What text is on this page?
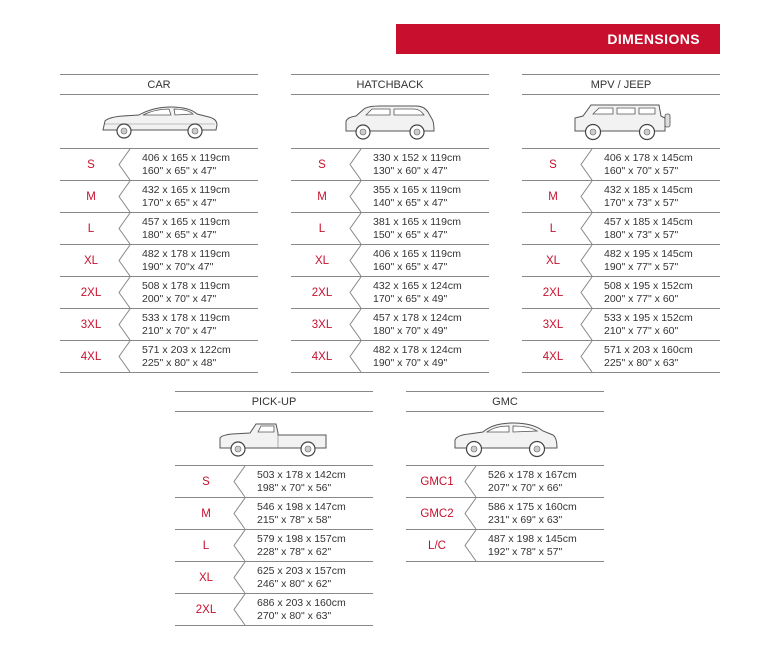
DIMENSIONS
CAR
S
406 x 165 x 119cm
160" x 65" x 47"
M
432 x 165 x 119cm
170" x 65" x 47"
L
457 x 165 x 119cm
180" x 65" x 47"
XL
482 x 178 x 119cm
190" x 70"x 47"
2XL
508 x 178 x 119cm
200" x 70" x 47"
3XL
533 x 178 x 119cm
210" x 70" x 47"
4XL
571 x 203 x 122cm
225" x 80" x 48"
HATCHBACK
S
330 x 152 x 119cm
130" x 60" x 47"
M
355 x 165 x 119cm
140" x 65" x 47"
L
381 x 165 x 119cm
150" x 65" x 47"
XL
406 x 165 x 119cm
160" x 65" x 47"
2XL
432 x 165 x 124cm
170" x 65" x 49"
3XL
457 x 178 x 124cm
180" x 70" x 49"
4XL
482 x 178 x 124cm
190" x 70" x 49"
MPV / JEEP
S
406 x 178 x 145cm
160" x 70" x 57"
M
432 x 185 x 145cm
170" x 73" x 57"
L
457 x 185 x 145cm
180" x 73" x 57"
XL
482 x 195 x 145cm
190" x 77" x 57"
2XL
508 x 195 x 152cm
200" x 77" x 60"
3XL
533 x 195 x 152cm
210" x 77" x 60"
4XL
571 x 203 x 160cm
225" x 80" x 63"
PICK-UP
S
503 x 178 x 142cm
198" x 70" x 56"
M
546 x 198 x 147cm
215" x 78" x 58"
L
579 x 198 x 157cm
228" x 78" x 62"
XL
625 x 203 x 157cm
246" x 80" x 62"
2XL
686 x 203 x 160cm
270" x 80" x 63"
GMC
GMC1
526 x 178 x 167cm
207" x 70" x 66"
GMC2
586 x 175 x 160cm
231" x 69" x 63"
L/C
487 x 198 x 145cm
192" x 78" x 57"
